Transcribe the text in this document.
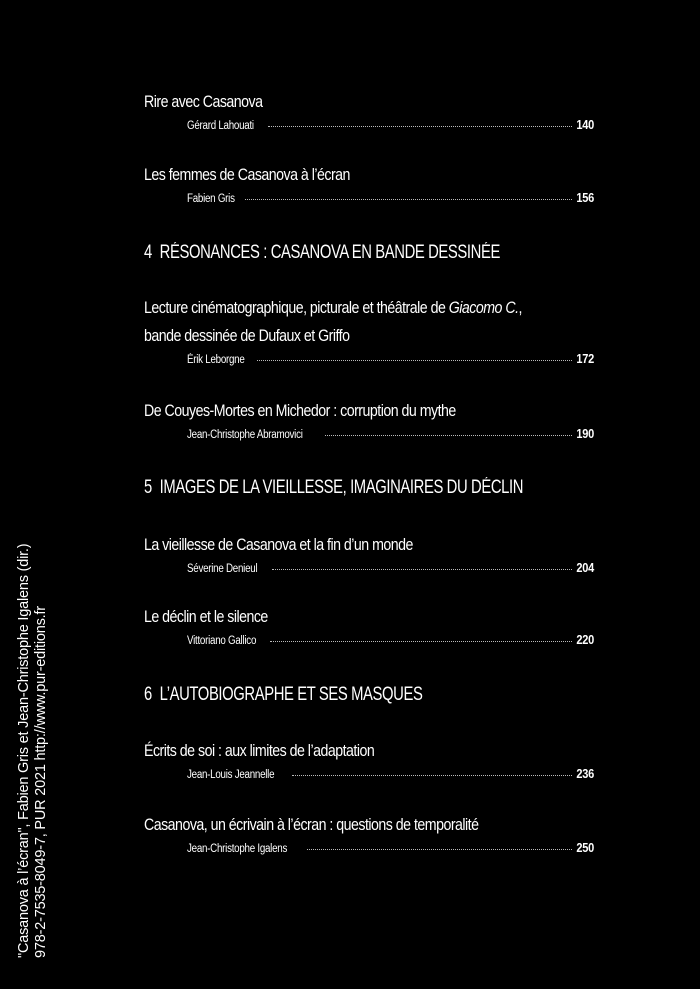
Rire avec Casanova
Gérard Lahouati	140
Les femmes de Casanova à l’écran
Fabien Gris	156
4 RÉSONANCES : CASANOVA EN BANDE DESSINÉE
Lecture cinématographique, picturale et théâtrale de Giacomo C.,
bande dessinée de Dufaux et Griffo
Érik Leborgne	172
De Couyes-Mortes en Michedor : corruption du mythe
Jean-Christophe Abramovici	190
5 IMAGES DE LA VIEILLESSE, IMAGINAIRES DU DÉCLIN
La vieillesse de Casanova et la fin d’un monde
Séverine Denieul	204
Le déclin et le silence
Vittoriano Gallico	220
6 L’AUTOBIOGRAPHE ET SES MASQUES
Écrits de soi : aux limites de l’adaptation
Jean-Louis Jeannelle	236
Casanova, un écrivain à l’écran : questions de temporalité
Jean-Christophe Igalens	250
"Casanova à l’écran", Fabien Gris et Jean-Christophe Igalens (dir.) 978-2-7535-8049-7, PUR 2021 http://www.pur-editions.fr
